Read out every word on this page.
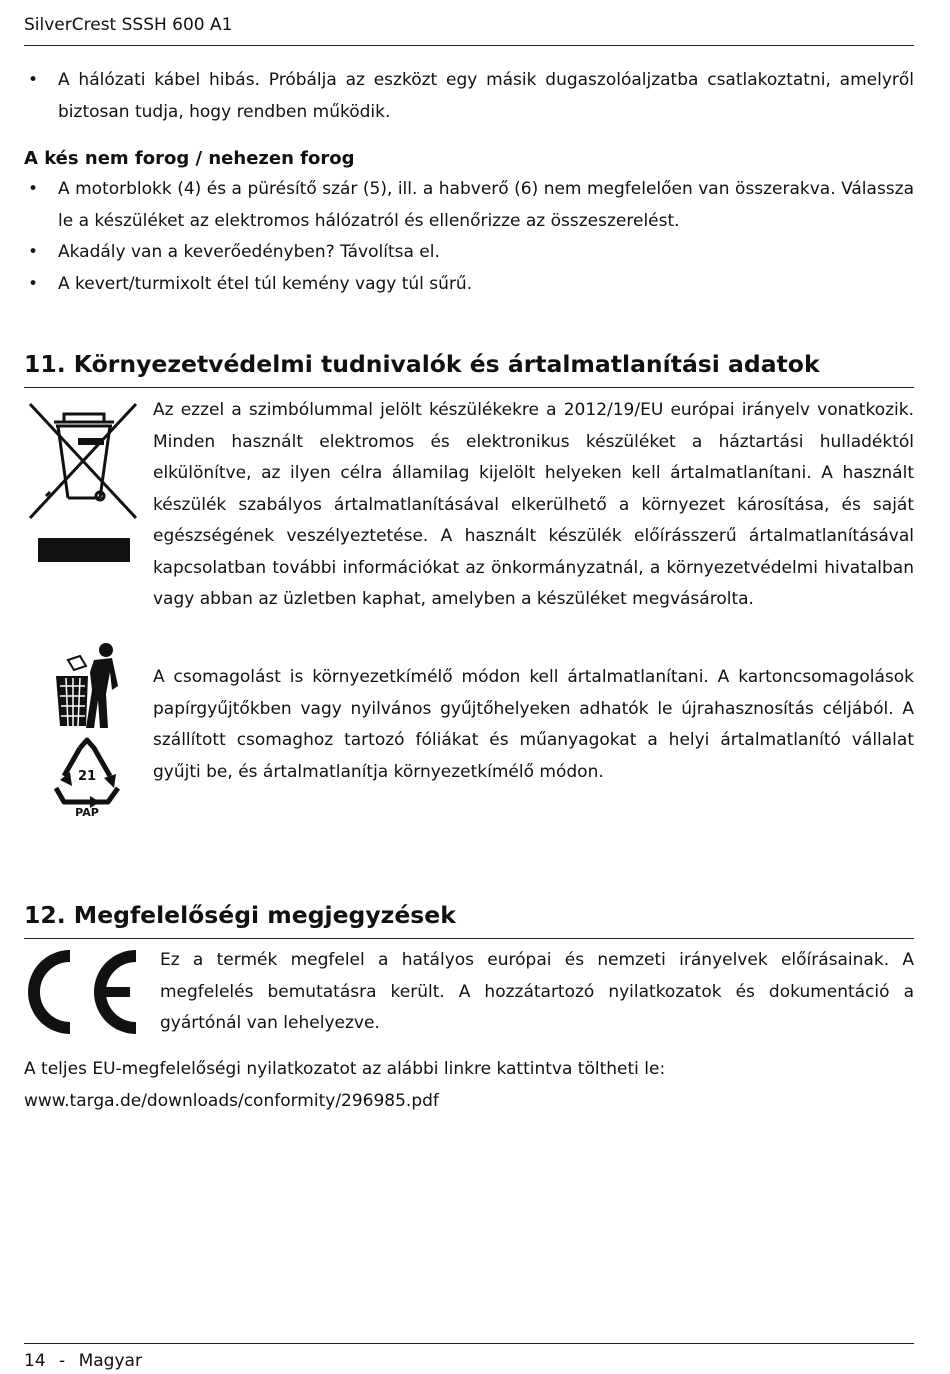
SilverCrest SSSH 600 A1
• A hálózati kábel hibás. Próbálja az eszközt egy másik dugaszolóaljzatba csatlakoztatni, amelyről biztosan tudja, hogy rendben működik.

A kés nem forog / nehezen forog

• A motorblokk (4) és a pürésítő szár (5), ill. a habverő (6) nem megfelelően van összerakva. Válassza le a készüléket az elektromos hálózatról és ellenőrizze az összeszerelést.
• Akadály van a keverőedényben? Távolítsa el.
• A kevert/turmixolt étel túl kemény vagy túl sűrű.
11. Környezetvédelmi tudnivalók és ártalmatlanítási adatok
Az ezzel a szimbólummal jelölt készülékekre a 2012/19/EU európai irányelv vonatkozik. Minden használt elektromos és elektronikus készüléket a háztartási hulladéktól elkülönítve, az ilyen célra államilag kijelölt helyeken kell ártalmatlanítani. A használt készülék szabályos ártalmatlanításával elkerülhető a környezet károsítása, és saját egészségének veszélyeztetése. A használt készülék előírásszerű ártalmatlanításával kapcsolatban további információkat az önkormányzatnál, a környezetvédelmi hivatalban vagy abban az üzletben kaphat, amelyben a készüléket megvásárolta.
21
PAP
A csomagolást is környezetkímélő módon kell ártalmatlanítani. A kartoncsomagolások papírgyűjtőkben vagy nyilvános gyűjtőhelyeken adhatók le újrahasznosítás céljából. A szállított csomaghoz tartozó fóliákat és műanyagokat a helyi ártalmatlanító vállalat gyűjti be, és ártalmatlanítja környezetkímélő módon.
12. Megfelelőségi megjegyzések
Ez a termék megfelel a hatályos európai és nemzeti irányelvek előírásainak. A megfelelés bemutatásra került. A hozzátartozó nyilatkozatok és dokumentáció a gyártónál van lehelyezve.

A teljes EU-megfelelőségi nyilatkozatot az alábbi linkre kattintva töltheti le:

www.targa.de/downloads/conformity/296985.pdf

14 - Magyar
